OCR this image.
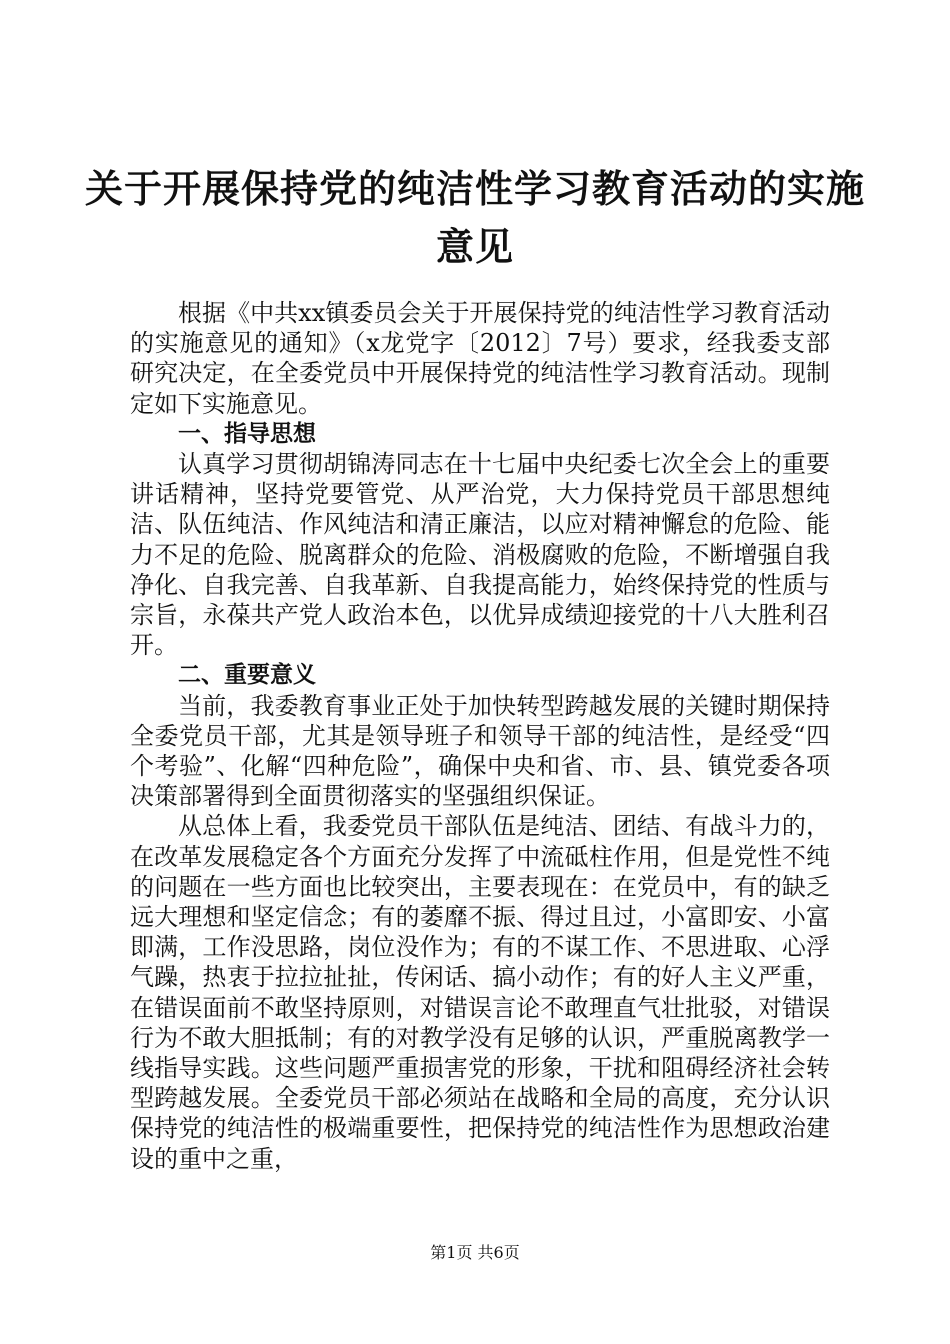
关于开展保持党的纯洁性学习教育活动的实施
意见

根据《中共xx镇委员会关于开展保持党的纯洁性学习教育活动的实施意见的通知》（x龙党字〔2012〕7号）要求，经我委支部研究决定，在全委党员中开展保持党的纯洁性学习教育活动。现制定如下实施意见。

一、指导思想

认真学习贯彻胡锦涛同志在十七届中央纪委七次全会上的重要讲话精神，坚持党要管党、从严治党，大力保持党员干部思想纯洁、队伍纯洁、作风纯洁和清正廉洁，以应对精神懈怠的危险、能力不足的危险、脱离群众的危险、消极腐败的危险，不断增强自我净化、自我完善、自我革新、自我提高能力，始终保持党的性质与宗旨，永葆共产党人政治本色，以优异成绩迎接党的十八大胜利召开。

二、重要意义

当前，我委教育事业正处于加快转型跨越发展的关键时期保持全委党员干部，尤其是领导班子和领导干部的纯洁性，是经受“四个考验”、化解“四种危险”，确保中央和省、市、县、镇党委各项决策部署得到全面贯彻落实的坚强组织保证。

从总体上看，我委党员干部队伍是纯洁、团结、有战斗力的，在改革发展稳定各个方面充分发挥了中流砥柱作用，但是党性不纯的问题在一些方面也比较突出，主要表现在：在党员中，有的缺乏远大理想和坚定信念；有的萎靡不振、得过且过，小富即安、小富即满，工作没思路，岗位没作为；有的不谋工作、不思进取、心浮气躁，热衷于拉拉扯扯，传闲话、搞小动作；有的好人主义严重，在错误面前不敢坚持原则，对错误言论不敢理直气壮批驳，对错误行为不敢大胆抵制；有的对教学没有足够的认识，严重脱离教学一线指导实践。这些问题严重损害党的形象，干扰和阻碍经济社会转型跨越发展。全委党员干部必须站在战略和全局的高度，充分认识保持党的纯洁性的极端重要性，把保持党的纯洁性作为思想政治建设的重中之重，

第1页 共6页
